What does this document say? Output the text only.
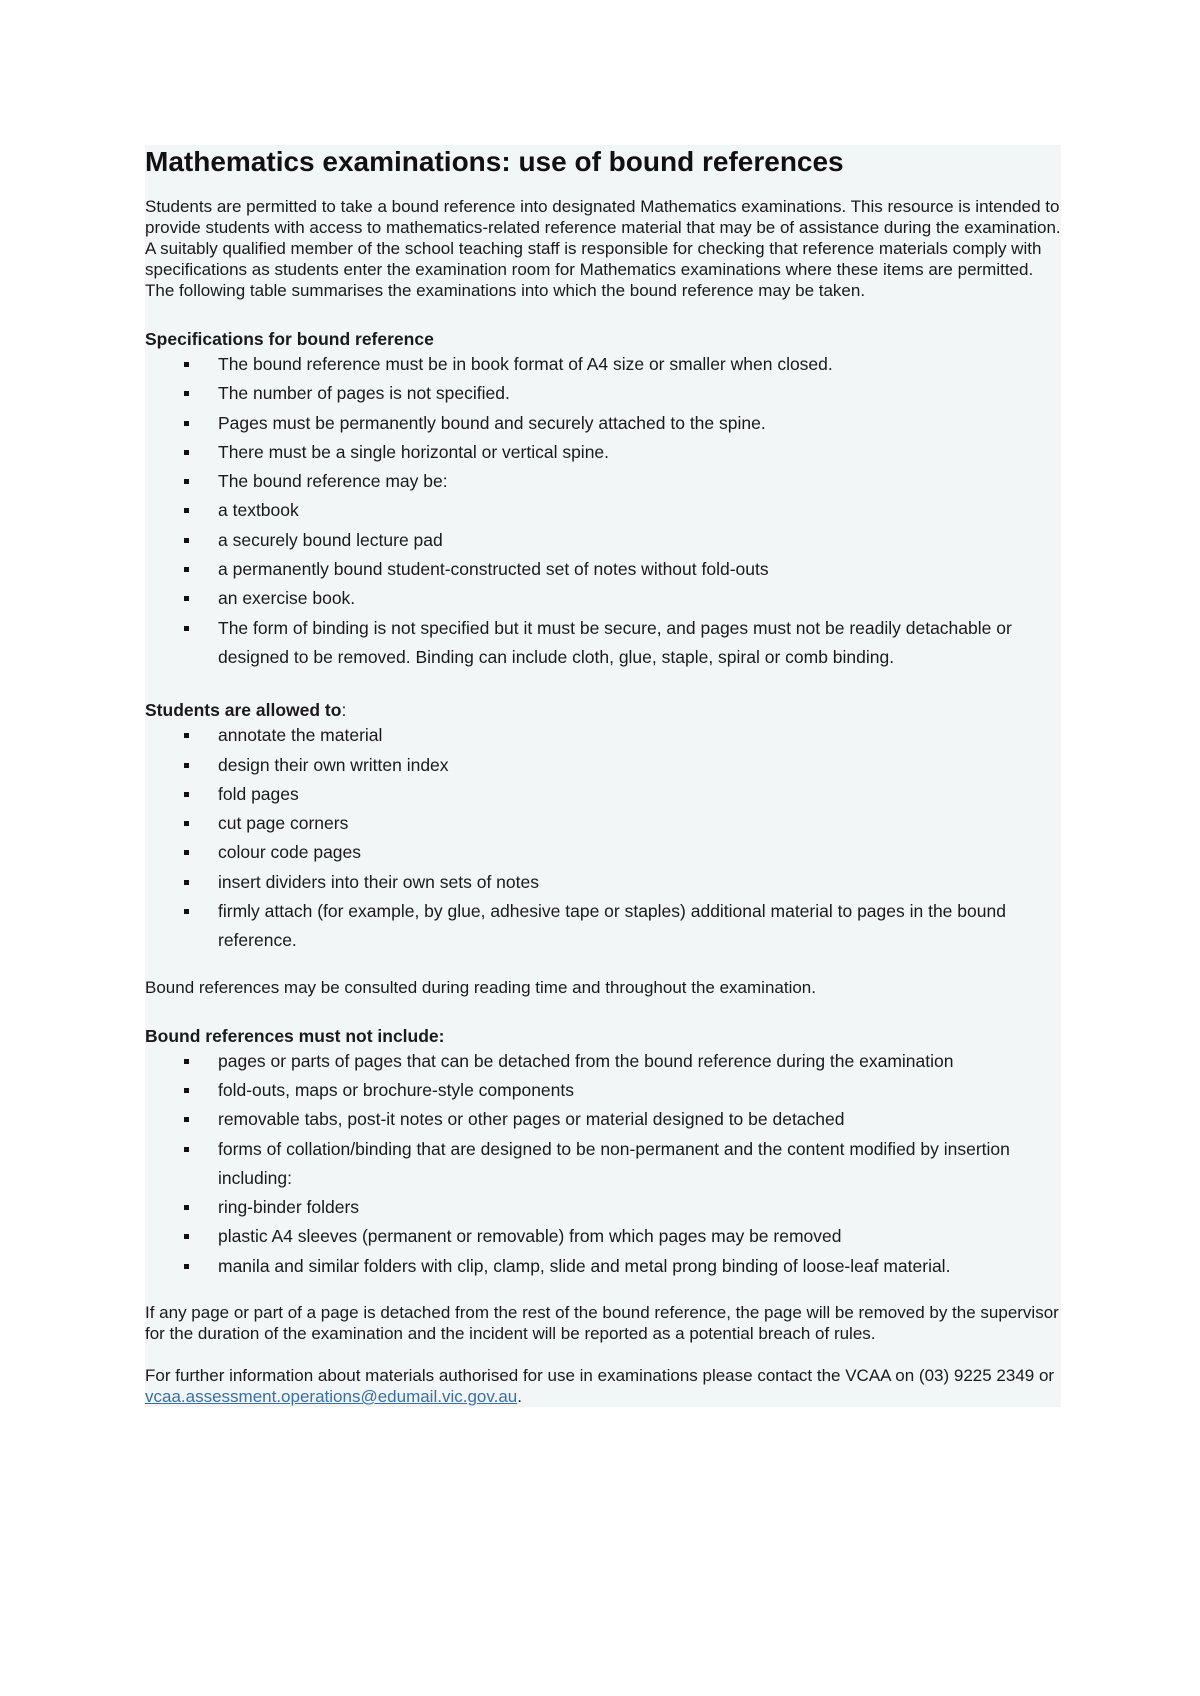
Mathematics examinations: use of bound references

Students are permitted to take a bound reference into designated Mathematics examinations. This resource is intended to provide students with access to mathematics-related reference material that may be of assistance during the examination. A suitably qualified member of the school teaching staff is responsible for checking that reference materials comply with specifications as students enter the examination room for Mathematics examinations where these items are permitted. The following table summarises the examinations into which the bound reference may be taken.

Specifications for bound reference

The bound reference must be in book format of A4 size or smaller when closed.
The number of pages is not specified.
Pages must be permanently bound and securely attached to the spine.
There must be a single horizontal or vertical spine.
The bound reference may be:
a textbook
a securely bound lecture pad
a permanently bound student-constructed set of notes without fold-outs
an exercise book.
The form of binding is not specified but it must be secure, and pages must not be readily detachable or designed to be removed. Binding can include cloth, glue, staple, spiral or comb binding.

Students are allowed to:

annotate the material
design their own written index
fold pages
cut page corners
colour code pages
insert dividers into their own sets of notes
firmly attach (for example, by glue, adhesive tape or staples) additional material to pages in the bound reference.

Bound references may be consulted during reading time and throughout the examination.

Bound references must not include:

pages or parts of pages that can be detached from the bound reference during the examination
fold-outs, maps or brochure-style components
removable tabs, post-it notes or other pages or material designed to be detached
forms of collation/binding that are designed to be non-permanent and the content modified by insertion including:
ring-binder folders
plastic A4 sleeves (permanent or removable) from which pages may be removed
manila and similar folders with clip, clamp, slide and metal prong binding of loose-leaf material.

If any page or part of a page is detached from the rest of the bound reference, the page will be removed by the supervisor for the duration of the examination and the incident will be reported as a potential breach of rules.

For further information about materials authorised for use in examinations please contact the VCAA on (03) 9225 2349 or vcaa.assessment.operations@edumail.vic.gov.au.
